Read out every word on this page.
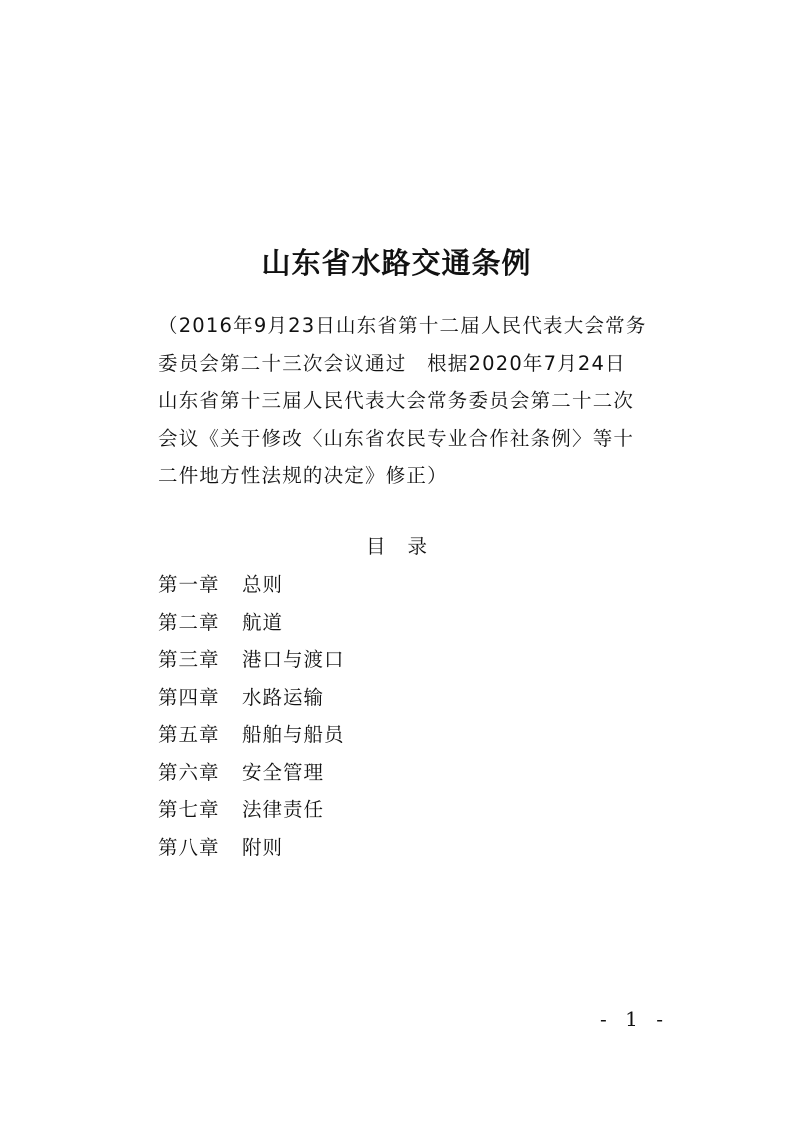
山东省水路交通条例
（2016年9月23日山东省第十二届人民代表大会常务
委员会第二十三次会议通过　根据2020年7月24日
山东省第十三届人民代表大会常务委员会第二十二次
会议《关于修改〈山东省农民专业合作社条例〉等十
二件地方性法规的决定》修正）
目 录
第一章	总则
第二章	航道
第三章	港口与渡口
第四章	水路运输
第五章	船舶与船员
第六章	安全管理
第七章	法律责任
第八章	附则
- 1 -
